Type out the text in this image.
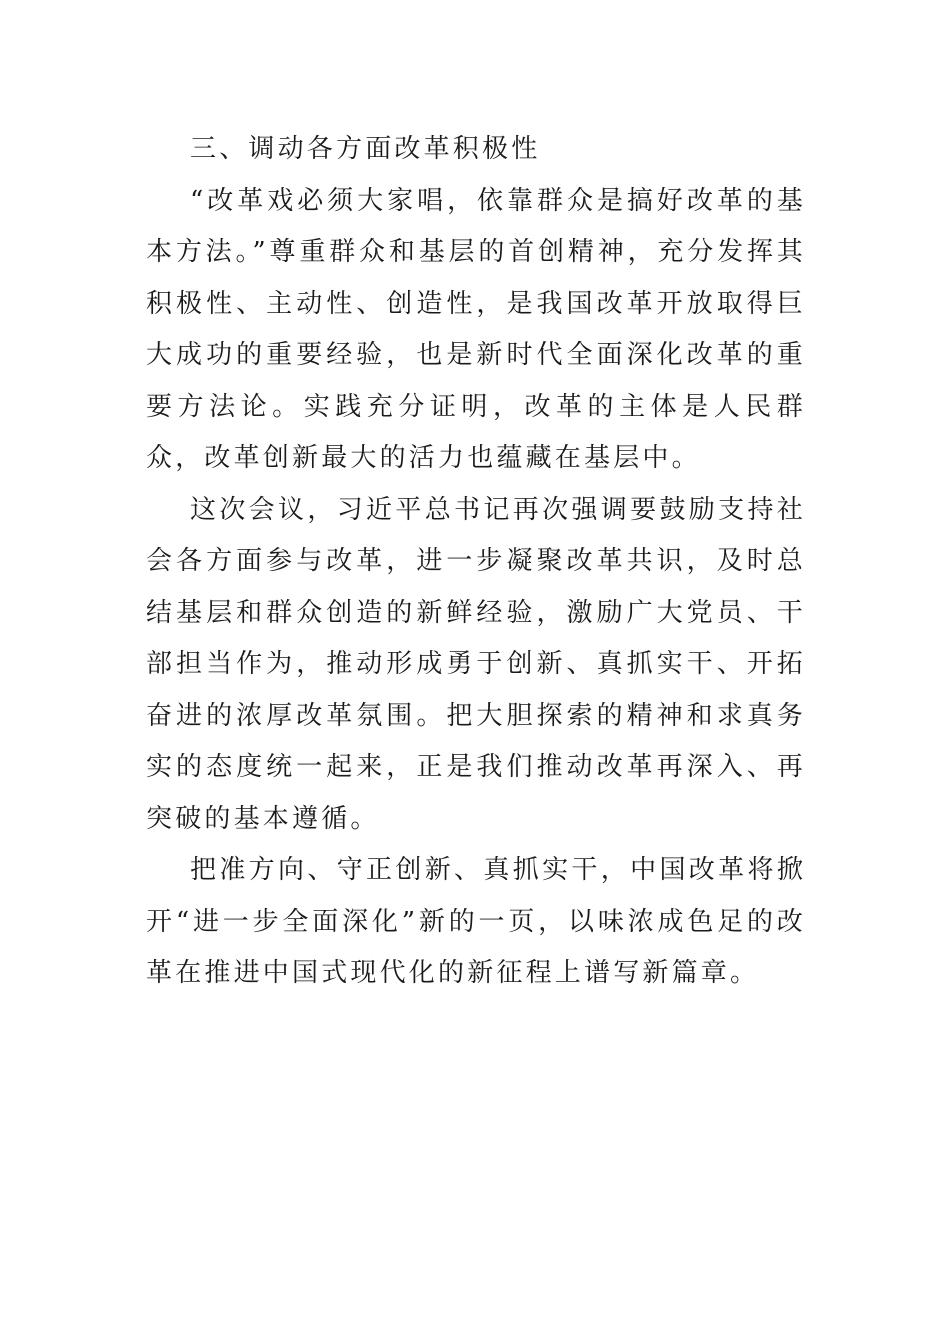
三、调动各方面改革积极性

“改革戏必须大家唱，依靠群众是搞好改革的基本方法。”尊重群众和基层的首创精神，充分发挥其积极性、主动性、创造性，是我国改革开放取得巨大成功的重要经验，也是新时代全面深化改革的重要方法论。实践充分证明，改革的主体是人民群众，改革创新最大的活力也蕴藏在基层中。

这次会议，习近平总书记再次强调要鼓励支持社会各方面参与改革，进一步凝聚改革共识，及时总结基层和群众创造的新鲜经验，激励广大党员、干部担当作为，推动形成勇于创新、真抓实干、开拓奋进的浓厚改革氛围。把大胆探索的精神和求真务实的态度统一起来，正是我们推动改革再深入、再突破的基本遵循。

把准方向、守正创新、真抓实干，中国改革将掀开“进一步全面深化”新的一页，以味浓成色足的改革在推进中国式现代化的新征程上谱写新篇章。
